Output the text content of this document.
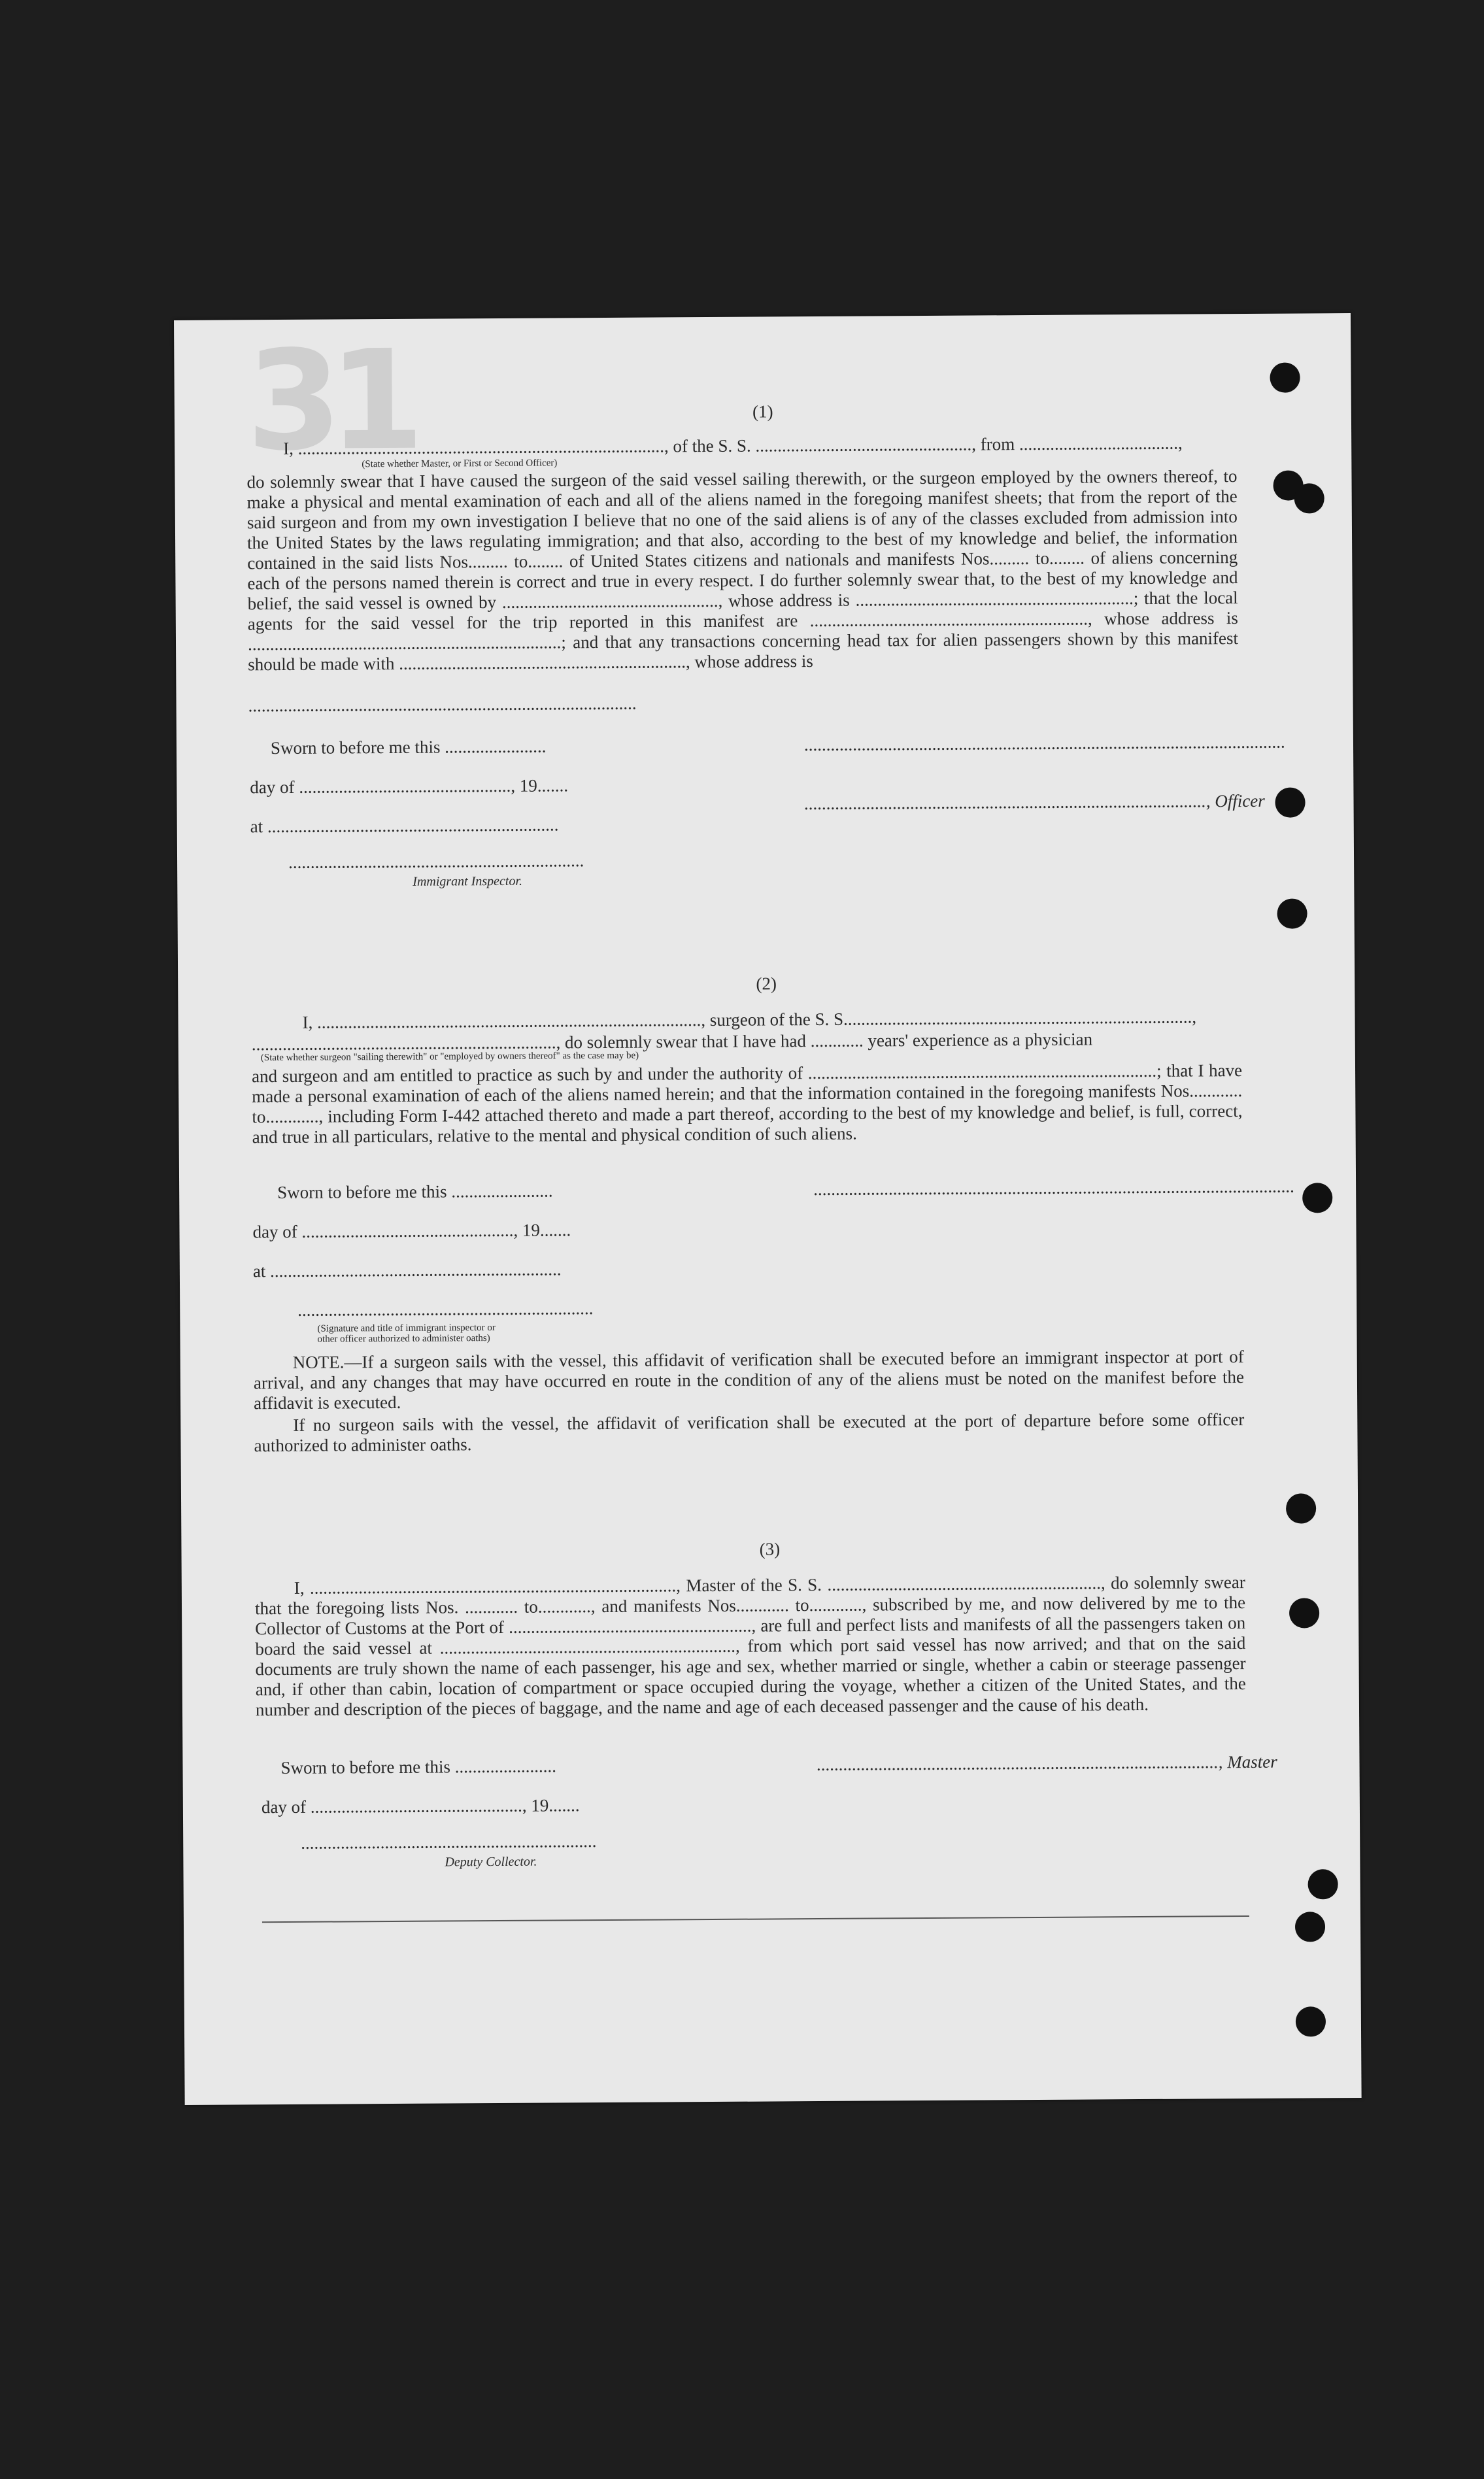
31	(1)
I, ..................................................................................., of the S. S. ................................................., from ....................................,
(State whether Master, or First or Second Officer)
do solemnly swear that I have caused the surgeon of the said vessel sailing therewith, or the surgeon employed by the owners thereof, to make a physical and mental examination of each and all of the aliens named in the foregoing manifest sheets; that from the report of the said surgeon and from my own investigation I believe that no one of the said aliens is of any of the classes excluded from admission into the United States by the laws regulating immigration; and that also, according to the best of my knowledge and belief, the information contained in the said lists Nos......... to........ of United States citizens and nationals and manifests Nos......... to........ of aliens concerning each of the persons named therein is correct and true in every respect. I do further solemnly swear that, to the best of my knowledge and belief, the said vessel is owned by ................................................., whose address is ...............................................................; that the local agents for the said vessel for the trip reported in this manifest are ..............................................................., whose address is .......................................................................; and that any transactions concerning head tax for alien passengers shown by this manifest should be made with ................................................................., whose address is
........................................................................................
Sworn to before me this .......................	.............................................................................................................
day of ................................................, 19.......
..........................................................................................., Officer
at ..................................................................
...................................................................
Immigrant Inspector.
(2)
I, ......................................................................................., surgeon of the S. S...............................................................................,
....................................................................., do solemnly swear that I have had ............ years' experience as a physician
(State whether surgeon "sailing therewith" or "employed by owners thereof" as the case may be)
and surgeon and am entitled to practice as such by and under the authority of ...............................................................................; that I have made a personal examination of each of the aliens named herein; and that the information contained in the foregoing manifests Nos............ to............, including Form I-442 attached thereto and made a part thereof, according to the best of my knowledge and belief, is full, correct, and true in all particulars, relative to the mental and physical condition of such aliens.
Sworn to before me this .......................	.............................................................................................................
day of ................................................, 19.......
at ..................................................................
...................................................................
(Signature and title of immigrant inspector or
other officer authorized to administer oaths)
NOTE.—If a surgeon sails with the vessel, this affidavit of verification shall be executed before an immigrant inspector at port of arrival, and any changes that may have occurred en route in the condition of any of the aliens must be noted on the manifest before the affidavit is executed.
If no surgeon sails with the vessel, the affidavit of verification shall be executed at the port of departure before some officer authorized to administer oaths.
(3)
I, ..................................................................................., Master of the S. S. .............................................................., do solemnly swear that the foregoing lists Nos. ............ to............, and manifests Nos............ to............, subscribed by me, and now delivered by me to the Collector of Customs at the Port of ......................................................., are full and perfect lists and manifests of all the passengers taken on board the said vessel at ..................................................................., from which port said vessel has now arrived; and that on the said documents are truly shown the name of each passenger, his age and sex, whether married or single, whether a cabin or steerage passenger and, if other than cabin, location of compartment or space occupied during the voyage, whether a citizen of the United States, and the number and description of the pieces of baggage, and the name and age of each deceased passenger and the cause of his death.
Sworn to before me this .......................	..........................................................................................., Master
day of ................................................, 19.......
...................................................................
Deputy Collector.
